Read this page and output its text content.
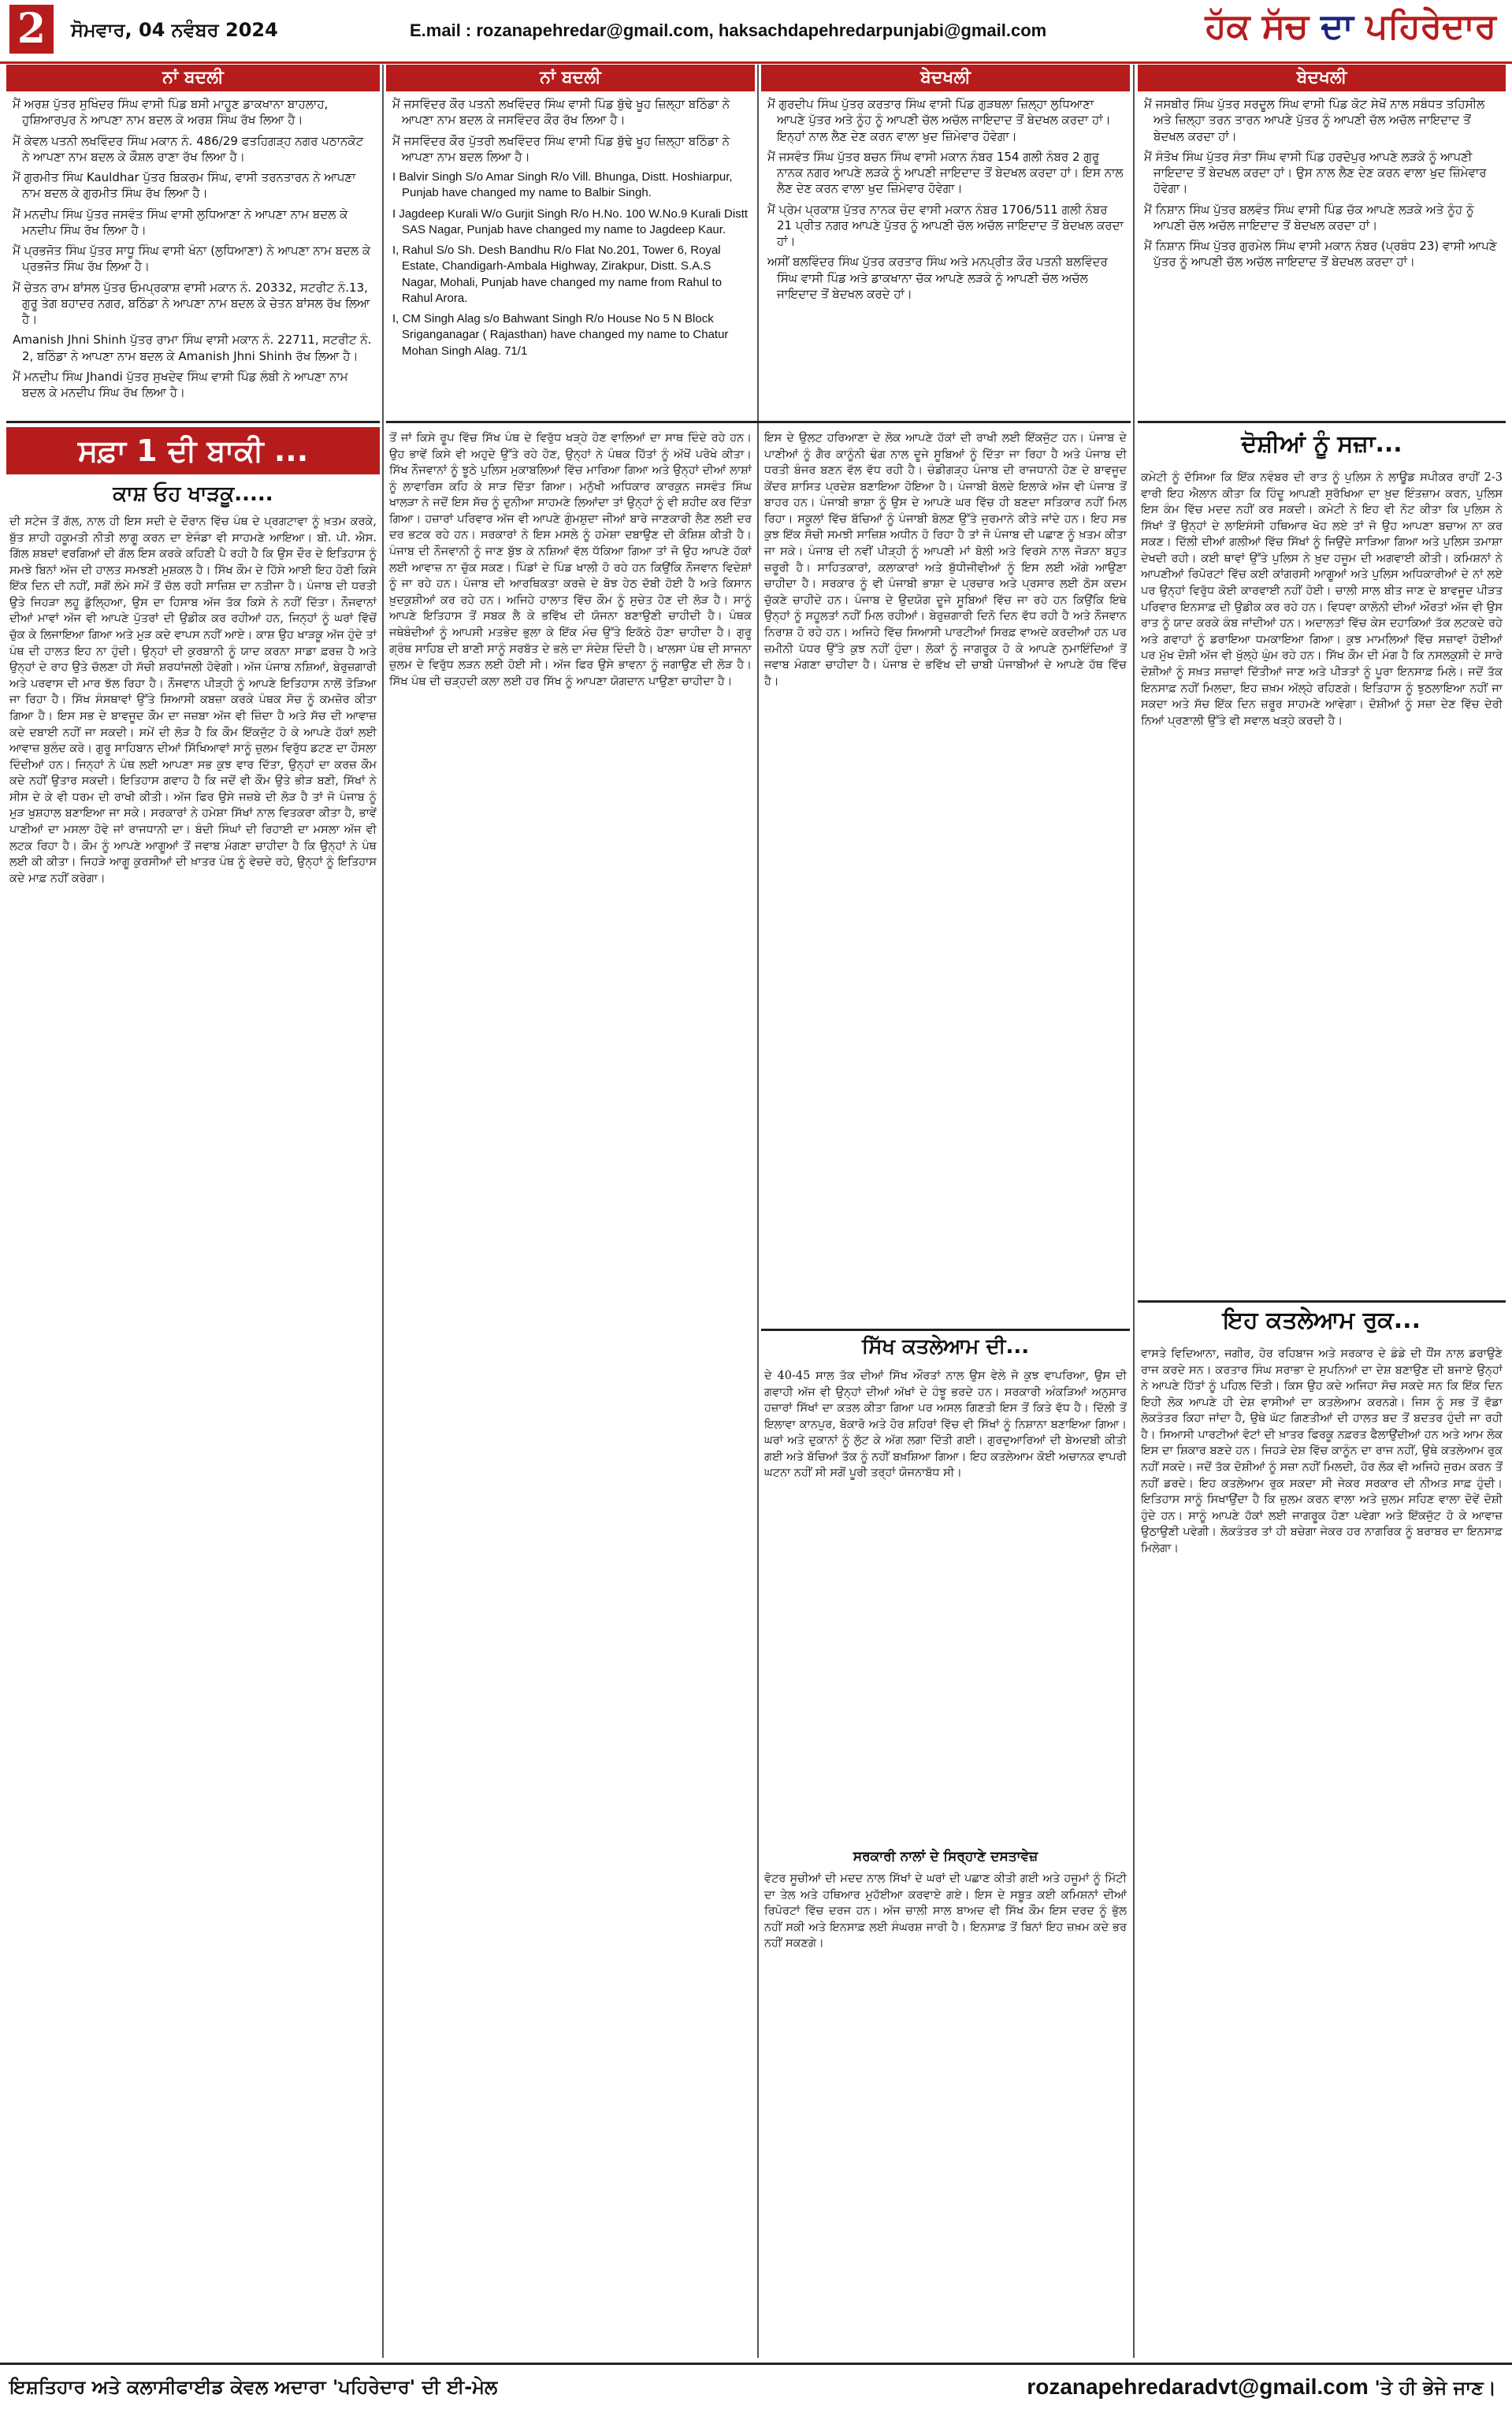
2	ਸੋਮਵਾਰ, 04 ਨਵੰਬਰ 2024	E.mail : rozanapehredar@gmail.com, haksachdapehredarpunjabi@gmail.com	ਹੱਕ ਸੱਚ ਦਾ ਪਹਿਰੇਦਾਰ
ਨਾਂ ਬਦਲੀ

ਮੈਂ ਅਰਸ਼ ਪੁੱਤਰ ਸੁਖਿੰਦਰ ਸਿੰਘ ਵਾਸੀ ਪਿੰਡ ਬਸੀ ਮਾਹੂਣ ਡਾਕਖਾਨਾ ਬਾਹਲਾਹ, ਹੁਸ਼ਿਆਰਪੁਰ ਨੇ ਆਪਣਾ ਨਾਮ ਬਦਲ ਕੇ ਅਰਸ਼ ਸਿੰਘ ਰੱਖ ਲਿਆ ਹੈ।

ਮੈਂ ਕੇਵਲ ਪਤਨੀ ਲਖਵਿੰਦਰ ਸਿੰਘ ਮਕਾਨ ਨੰ. 486/29 ਫਤਹਿਗੜ੍ਹ ਨਗਰ ਪਠਾਨਕੋਟ ਨੇ ਆਪਣਾ ਨਾਮ ਬਦਲ ਕੇ ਕੌਸ਼ਲ ਰਾਣਾ ਰੱਖ ਲਿਆ ਹੈ।

ਮੈਂ ਗੁਰਮੀਤ ਸਿੰਘ Kauldhar ਪੁੱਤਰ ਬਿਕਰਮ ਸਿੰਘ, ਵਾਸੀ ਤਰਨਤਾਰਨ ਨੇ ਆਪਣਾ ਨਾਮ ਬਦਲ ਕੇ ਗੁਰਮੀਤ ਸਿੰਘ ਰੱਖ ਲਿਆ ਹੈ।

ਮੈਂ ਮਨਦੀਪ ਸਿੰਘ ਪੁੱਤਰ ਜਸਵੰਤ ਸਿੰਘ ਵਾਸੀ ਲੁਧਿਆਣਾ ਨੇ ਆਪਣਾ ਨਾਮ ਬਦਲ ਕੇ ਮਨਦੀਪ ਸਿੰਘ ਰੱਖ ਲਿਆ ਹੈ।

ਮੈਂ ਪ੍ਰਭਜੋਤ ਸਿੰਘ ਪੁੱਤਰ ਸਾਧੂ ਸਿੰਘ ਵਾਸੀ ਖੰਨਾ (ਲੁਧਿਆਣਾ) ਨੇ ਆਪਣਾ ਨਾਮ ਬਦਲ ਕੇ ਪ੍ਰਭਜੋਤ ਸਿੰਘ ਰੱਖ ਲਿਆ ਹੈ।

ਮੈਂ ਚੇਤਨ ਰਾਮ ਬਾਂਸਲ ਪੁੱਤਰ ਓਮਪ੍ਰਕਾਸ਼ ਵਾਸੀ ਮਕਾਨ ਨੰ. 20332, ਸਟਰੀਟ ਨੰ.13, ਗੁਰੂ ਤੇਗ ਬਹਾਦਰ ਨਗਰ, ਬਠਿੰਡਾ ਨੇ ਆਪਣਾ ਨਾਮ ਬਦਲ ਕੇ ਚੇਤਨ ਬਾਂਸਲ ਰੱਖ ਲਿਆ ਹੈ।

Amanish Jhni Shinh ਪੁੱਤਰ ਰਾਮਾ ਸਿੰਘ ਵਾਸੀ ਮਕਾਨ ਨੰ. 22711, ਸਟਰੀਟ ਨੰ. 2, ਬਠਿੰਡਾ ਨੇ ਆਪਣਾ ਨਾਮ ਬਦਲ ਕੇ Amanish Jhni Shinh ਰੱਖ ਲਿਆ ਹੈ।

ਮੈਂ ਮਨਦੀਪ ਸਿੰਘ Jhandi ਪੁੱਤਰ ਸੁਖਦੇਵ ਸਿੰਘ ਵਾਸੀ ਪਿੰਡ ਲੰਬੀ ਨੇ ਆਪਣਾ ਨਾਮ ਬਦਲ ਕੇ ਮਨਦੀਪ ਸਿੰਘ ਰੱਖ ਲਿਆ ਹੈ।

ਨਾਂ ਬਦਲੀ

ਮੈਂ ਜਸਵਿੰਦਰ ਕੌਰ ਪਤਨੀ ਲਖਵਿੰਦਰ ਸਿੰਘ ਵਾਸੀ ਪਿੰਡ ਬੁੱਢੇ ਖੂਹ ਜ਼ਿਲ੍ਹਾ ਬਠਿੰਡਾ ਨੇ ਆਪਣਾ ਨਾਮ ਬਦਲ ਕੇ ਜਸਵਿੰਦਰ ਕੌਰ ਰੱਖ ਲਿਆ ਹੈ।

ਮੈਂ ਜਸਵਿੰਦਰ ਕੌਰ ਪੁੱਤਰੀ ਲਖਵਿੰਦਰ ਸਿੰਘ ਵਾਸੀ ਪਿੰਡ ਬੁੱਢੇ ਖੂਹ ਜ਼ਿਲ੍ਹਾ ਬਠਿੰਡਾ ਨੇ ਆਪਣਾ ਨਾਮ ਬਦਲ ਲਿਆ ਹੈ।

I Balvir Singh S/o Amar Singh R/o Vill. Bhunga, Distt. Hoshiarpur, Punjab have changed my name to Balbir Singh.

I Jagdeep Kurali W/o Gurjit Singh R/o H.No. 100 W.No.9 Kurali Distt SAS Nagar, Punjab have changed my name to Jagdeep Kaur.

I, Rahul S/o Sh. Desh Bandhu R/o Flat No.201, Tower 6, Royal Estate, Chandigarh-Ambala Highway, Zirakpur, Distt. S.A.S Nagar, Mohali, Punjab have changed my name from Rahul to Rahul Arora.

I, CM Singh Alag s/o Bahwant Singh R/o House No 5 N Block Sriganganagar ( Rajasthan) have changed my name to Chatur Mohan Singh Alag. 71/1

ਬੇਦਖਲੀ

ਮੈਂ ਗੁਰਦੀਪ ਸਿੰਘ ਪੁੱਤਰ ਕਰਤਾਰ ਸਿੰਘ ਵਾਸੀ ਪਿੰਡ ਗੁੜਥਲਾ ਜ਼ਿਲ੍ਹਾ ਲੁਧਿਆਣਾ ਆਪਣੇ ਪੁੱਤਰ ਅਤੇ ਨੂੰਹ ਨੂੰ ਆਪਣੀ ਚੱਲ ਅਚੱਲ ਜਾਇਦਾਦ ਤੋਂ ਬੇਦਖਲ ਕਰਦਾ ਹਾਂ। ਇਨ੍ਹਾਂ ਨਾਲ ਲੈਣ ਦੇਣ ਕਰਨ ਵਾਲਾ ਖੁਦ ਜ਼ਿੰਮੇਵਾਰ ਹੋਵੇਗਾ।

ਮੈਂ ਜਸਵੰਤ ਸਿੰਘ ਪੁੱਤਰ ਬਚਨ ਸਿੰਘ ਵਾਸੀ ਮਕਾਨ ਨੰਬਰ 154 ਗਲੀ ਨੰਬਰ 2 ਗੁਰੂ ਨਾਨਕ ਨਗਰ ਆਪਣੇ ਲੜਕੇ ਨੂੰ ਆਪਣੀ ਜਾਇਦਾਦ ਤੋਂ ਬੇਦਖਲ ਕਰਦਾ ਹਾਂ। ਇਸ ਨਾਲ ਲੈਣ ਦੇਣ ਕਰਨ ਵਾਲਾ ਖੁਦ ਜ਼ਿੰਮੇਵਾਰ ਹੋਵੇਗਾ।

ਮੈਂ ਪ੍ਰੇਮ ਪ੍ਰਕਾਸ਼ ਪੁੱਤਰ ਨਾਨਕ ਚੰਦ ਵਾਸੀ ਮਕਾਨ ਨੰਬਰ 1706/511 ਗਲੀ ਨੰਬਰ 21 ਪ੍ਰੀਤ ਨਗਰ ਆਪਣੇ ਪੁੱਤਰ ਨੂੰ ਆਪਣੀ ਚੱਲ ਅਚੱਲ ਜਾਇਦਾਦ ਤੋਂ ਬੇਦਖਲ ਕਰਦਾ ਹਾਂ।

ਅਸੀਂ ਬਲਵਿੰਦਰ ਸਿੰਘ ਪੁੱਤਰ ਕਰਤਾਰ ਸਿੰਘ ਅਤੇ ਮਨਪ੍ਰੀਤ ਕੌਰ ਪਤਨੀ ਬਲਵਿੰਦਰ ਸਿੰਘ ਵਾਸੀ ਪਿੰਡ ਅਤੇ ਡਾਕਖਾਨਾ ਚੱਕ ਆਪਣੇ ਲੜਕੇ ਨੂੰ ਆਪਣੀ ਚੱਲ ਅਚੱਲ ਜਾਇਦਾਦ ਤੋਂ ਬੇਦਖਲ ਕਰਦੇ ਹਾਂ।

ਬੇਦਖਲੀ

ਮੈਂ ਜਸਬੀਰ ਸਿੰਘ ਪੁੱਤਰ ਸਰਦੂਲ ਸਿੰਘ ਵਾਸੀ ਪਿੰਡ ਕੋਟ ਸੇਖੋਂ ਨਾਲ ਸਬੰਧਤ ਤਹਿਸੀਲ ਅਤੇ ਜ਼ਿਲ੍ਹਾ ਤਰਨ ਤਾਰਨ ਆਪਣੇ ਪੁੱਤਰ ਨੂੰ ਆਪਣੀ ਚੱਲ ਅਚੱਲ ਜਾਇਦਾਦ ਤੋਂ ਬੇਦਖਲ ਕਰਦਾ ਹਾਂ।

ਮੈਂ ਸੰਤੋਖ ਸਿੰਘ ਪੁੱਤਰ ਸੰਤਾ ਸਿੰਘ ਵਾਸੀ ਪਿੰਡ ਹਰਦੋਪੁਰ ਆਪਣੇ ਲੜਕੇ ਨੂੰ ਆਪਣੀ ਜਾਇਦਾਦ ਤੋਂ ਬੇਦਖਲ ਕਰਦਾ ਹਾਂ। ਉਸ ਨਾਲ ਲੈਣ ਦੇਣ ਕਰਨ ਵਾਲਾ ਖੁਦ ਜ਼ਿੰਮੇਵਾਰ ਹੋਵੇਗਾ।

ਮੈਂ ਨਿਸ਼ਾਨ ਸਿੰਘ ਪੁੱਤਰ ਬਲਵੰਤ ਸਿੰਘ ਵਾਸੀ ਪਿੰਡ ਚੱਕ ਆਪਣੇ ਲੜਕੇ ਅਤੇ ਨੂੰਹ ਨੂੰ ਆਪਣੀ ਚੱਲ ਅਚੱਲ ਜਾਇਦਾਦ ਤੋਂ ਬੇਦਖਲ ਕਰਦਾ ਹਾਂ।

ਮੈਂ ਨਿਸ਼ਾਨ ਸਿੰਘ ਪੁੱਤਰ ਗੁਰਮੇਲ ਸਿੰਘ ਵਾਸੀ ਮਕਾਨ ਨੰਬਰ (ਪ੍ਰਬੰਧ 23) ਵਾਸੀ ਆਪਣੇ ਪੁੱਤਰ ਨੂੰ ਆਪਣੀ ਚੱਲ ਅਚੱਲ ਜਾਇਦਾਦ ਤੋਂ ਬੇਦਖਲ ਕਰਦਾ ਹਾਂ।

ਸਫ਼ਾ 1 ਦੀ ਬਾਕੀ ...
ਕਾਸ਼ ਓਹ ਖਾੜਕੂ.....
ਦੀ ਸਟੇਜ ਤੋਂ ਗੱਲ, ਨਾਲ ਹੀ ਇਸ ਸਦੀ ਦੇ ਦੌਰਾਨ ਵਿੱਚ ਪੰਥ ਦੇ ਪ੍ਰਗਟਾਵਾ ਨੂੰ ਖ਼ਤਮ ਕਰਕੇ, ਬੁੱਤ ਸ਼ਾਹੀ ਹਕੂਮਤੀ ਨੀਤੀ ਲਾਗੂ ਕਰਨ ਦਾ ਏਜੰਡਾ ਵੀ ਸਾਹਮਣੇ ਆਇਆ। ਬੀ. ਪੀ. ਐਸ. ਗਿੱਲ ਸ਼ਬਦਾਂ ਵਰਗਿਆਂ ਦੀ ਗੱਲ ਇਸ ਕਰਕੇ ਕਹਿਣੀ ਪੈ ਰਹੀ ਹੈ ਕਿ ਉਸ ਦੌਰ ਦੇ ਇਤਿਹਾਸ ਨੂੰ ਸਮਝੇ ਬਿਨਾਂ ਅੱਜ ਦੀ ਹਾਲਤ ਸਮਝਣੀ ਮੁਸ਼ਕਲ ਹੈ। ਸਿੱਖ ਕੌਮ ਦੇ ਹਿੱਸੇ ਆਈ ਇਹ ਹੋਣੀ ਕਿਸੇ ਇੱਕ ਦਿਨ ਦੀ ਨਹੀਂ, ਸਗੋਂ ਲੰਮੇ ਸਮੇਂ ਤੋਂ ਚੱਲ ਰਹੀ ਸਾਜ਼ਿਸ਼ ਦਾ ਨਤੀਜਾ ਹੈ। ਪੰਜਾਬ ਦੀ ਧਰਤੀ ਉਤੇ ਜਿਹੜਾ ਲਹੂ ਡੁੱਲ੍ਹਿਆ, ਉਸ ਦਾ ਹਿਸਾਬ ਅੱਜ ਤੱਕ ਕਿਸੇ ਨੇ ਨਹੀਂ ਦਿੱਤਾ। ਨੌਜਵਾਨਾਂ ਦੀਆਂ ਮਾਵਾਂ ਅੱਜ ਵੀ ਆਪਣੇ ਪੁੱਤਰਾਂ ਦੀ ਉਡੀਕ ਕਰ ਰਹੀਆਂ ਹਨ, ਜਿਨ੍ਹਾਂ ਨੂੰ ਘਰਾਂ ਵਿੱਚੋਂ ਚੁੱਕ ਕੇ ਲਿਜਾਇਆ ਗਿਆ ਅਤੇ ਮੁੜ ਕਦੇ ਵਾਪਸ ਨਹੀਂ ਆਏ। ਕਾਸ਼ ਉਹ ਖਾੜਕੂ ਅੱਜ ਹੁੰਦੇ ਤਾਂ ਪੰਥ ਦੀ ਹਾਲਤ ਇਹ ਨਾ ਹੁੰਦੀ। ਉਨ੍ਹਾਂ ਦੀ ਕੁਰਬਾਨੀ ਨੂੰ ਯਾਦ ਕਰਨਾ ਸਾਡਾ ਫ਼ਰਜ਼ ਹੈ ਅਤੇ ਉਨ੍ਹਾਂ ਦੇ ਰਾਹ ਉਤੇ ਚੱਲਣਾ ਹੀ ਸੱਚੀ ਸ਼ਰਧਾਂਜਲੀ ਹੋਵੇਗੀ। ਅੱਜ ਪੰਜਾਬ ਨਸ਼ਿਆਂ, ਬੇਰੁਜ਼ਗਾਰੀ ਅਤੇ ਪਰਵਾਸ ਦੀ ਮਾਰ ਝੱਲ ਰਿਹਾ ਹੈ। ਨੌਜਵਾਨ ਪੀੜ੍ਹੀ ਨੂੰ ਆਪਣੇ ਇਤਿਹਾਸ ਨਾਲੋਂ ਤੋੜਿਆ ਜਾ ਰਿਹਾ ਹੈ। ਸਿੱਖ ਸੰਸਥਾਵਾਂ ਉੱਤੇ ਸਿਆਸੀ ਕਬਜ਼ਾ ਕਰਕੇ ਪੰਥਕ ਸੋਚ ਨੂੰ ਕਮਜ਼ੋਰ ਕੀਤਾ ਗਿਆ ਹੈ। ਇਸ ਸਭ ਦੇ ਬਾਵਜੂਦ ਕੌਮ ਦਾ ਜਜ਼ਬਾ ਅੱਜ ਵੀ ਜ਼ਿੰਦਾ ਹੈ ਅਤੇ ਸੱਚ ਦੀ ਆਵਾਜ਼ ਕਦੇ ਦਬਾਈ ਨਹੀਂ ਜਾ ਸਕਦੀ। ਸਮੇਂ ਦੀ ਲੋੜ ਹੈ ਕਿ ਕੌਮ ਇੱਕਜੁੱਟ ਹੋ ਕੇ ਆਪਣੇ ਹੱਕਾਂ ਲਈ ਆਵਾਜ਼ ਬੁਲੰਦ ਕਰੇ। ਗੁਰੂ ਸਾਹਿਬਾਨ ਦੀਆਂ ਸਿੱਖਿਆਵਾਂ ਸਾਨੂੰ ਜ਼ੁਲਮ ਵਿਰੁੱਧ ਡਟਣ ਦਾ ਹੌਸਲਾ ਦਿੰਦੀਆਂ ਹਨ। ਜਿਨ੍ਹਾਂ ਨੇ ਪੰਥ ਲਈ ਆਪਣਾ ਸਭ ਕੁਝ ਵਾਰ ਦਿੱਤਾ, ਉਨ੍ਹਾਂ ਦਾ ਕਰਜ਼ ਕੌਮ ਕਦੇ ਨਹੀਂ ਉਤਾਰ ਸਕਦੀ। ਇਤਿਹਾਸ ਗਵਾਹ ਹੈ ਕਿ ਜਦੋਂ ਵੀ ਕੌਮ ਉਤੇ ਭੀੜ ਬਣੀ, ਸਿੱਖਾਂ ਨੇ ਸੀਸ ਦੇ ਕੇ ਵੀ ਧਰਮ ਦੀ ਰਾਖੀ ਕੀਤੀ। ਅੱਜ ਫਿਰ ਉਸੇ ਜਜ਼ਬੇ ਦੀ ਲੋੜ ਹੈ ਤਾਂ ਜੋ ਪੰਜਾਬ ਨੂੰ ਮੁੜ ਖੁਸ਼ਹਾਲ ਬਣਾਇਆ ਜਾ ਸਕੇ। ਸਰਕਾਰਾਂ ਨੇ ਹਮੇਸ਼ਾ ਸਿੱਖਾਂ ਨਾਲ ਵਿਤਕਰਾ ਕੀਤਾ ਹੈ, ਭਾਵੇਂ ਪਾਣੀਆਂ ਦਾ ਮਸਲਾ ਹੋਵੇ ਜਾਂ ਰਾਜਧਾਨੀ ਦਾ। ਬੰਦੀ ਸਿੰਘਾਂ ਦੀ ਰਿਹਾਈ ਦਾ ਮਸਲਾ ਅੱਜ ਵੀ ਲਟਕ ਰਿਹਾ ਹੈ। ਕੌਮ ਨੂੰ ਆਪਣੇ ਆਗੂਆਂ ਤੋਂ ਜਵਾਬ ਮੰਗਣਾ ਚਾਹੀਦਾ ਹੈ ਕਿ ਉਨ੍ਹਾਂ ਨੇ ਪੰਥ ਲਈ ਕੀ ਕੀਤਾ। ਜਿਹੜੇ ਆਗੂ ਕੁਰਸੀਆਂ ਦੀ ਖ਼ਾਤਰ ਪੰਥ ਨੂੰ ਵੇਚਦੇ ਰਹੇ, ਉਨ੍ਹਾਂ ਨੂੰ ਇਤਿਹਾਸ ਕਦੇ ਮਾਫ਼ ਨਹੀਂ ਕਰੇਗਾ।
ਤੋਂ ਜਾਂ ਕਿਸੇ ਰੂਪ ਵਿੱਚ ਸਿੱਖ ਪੰਥ ਦੇ ਵਿਰੁੱਧ ਖੜ੍ਹੇ ਹੋਣ ਵਾਲਿਆਂ ਦਾ ਸਾਥ ਦਿੰਦੇ ਰਹੇ ਹਨ। ਉਹ ਭਾਵੇਂ ਕਿਸੇ ਵੀ ਅਹੁਦੇ ਉੱਤੇ ਰਹੇ ਹੋਣ, ਉਨ੍ਹਾਂ ਨੇ ਪੰਥਕ ਹਿੱਤਾਂ ਨੂੰ ਅੱਖੋਂ ਪਰੋਖੇ ਕੀਤਾ। ਸਿੱਖ ਨੌਜਵਾਨਾਂ ਨੂੰ ਝੂਠੇ ਪੁਲਿਸ ਮੁਕਾਬਲਿਆਂ ਵਿੱਚ ਮਾਰਿਆ ਗਿਆ ਅਤੇ ਉਨ੍ਹਾਂ ਦੀਆਂ ਲਾਸ਼ਾਂ ਨੂੰ ਲਾਵਾਰਿਸ ਕਹਿ ਕੇ ਸਾੜ ਦਿੱਤਾ ਗਿਆ। ਮਨੁੱਖੀ ਅਧਿਕਾਰ ਕਾਰਕੁਨ ਜਸਵੰਤ ਸਿੰਘ ਖਾਲੜਾ ਨੇ ਜਦੋਂ ਇਸ ਸੱਚ ਨੂੰ ਦੁਨੀਆ ਸਾਹਮਣੇ ਲਿਆਂਦਾ ਤਾਂ ਉਨ੍ਹਾਂ ਨੂੰ ਵੀ ਸ਼ਹੀਦ ਕਰ ਦਿੱਤਾ ਗਿਆ। ਹਜ਼ਾਰਾਂ ਪਰਿਵਾਰ ਅੱਜ ਵੀ ਆਪਣੇ ਗੁੰਮਸ਼ੁਦਾ ਜੀਆਂ ਬਾਰੇ ਜਾਣਕਾਰੀ ਲੈਣ ਲਈ ਦਰ ਦਰ ਭਟਕ ਰਹੇ ਹਨ। ਸਰਕਾਰਾਂ ਨੇ ਇਸ ਮਸਲੇ ਨੂੰ ਹਮੇਸ਼ਾ ਦਬਾਉਣ ਦੀ ਕੋਸ਼ਿਸ਼ ਕੀਤੀ ਹੈ। ਪੰਜਾਬ ਦੀ ਨੌਜਵਾਨੀ ਨੂੰ ਜਾਣ ਬੁੱਝ ਕੇ ਨਸ਼ਿਆਂ ਵੱਲ ਧੱਕਿਆ ਗਿਆ ਤਾਂ ਜੋ ਉਹ ਆਪਣੇ ਹੱਕਾਂ ਲਈ ਆਵਾਜ਼ ਨਾ ਚੁੱਕ ਸਕਣ। ਪਿੰਡਾਂ ਦੇ ਪਿੰਡ ਖਾਲੀ ਹੋ ਰਹੇ ਹਨ ਕਿਉਂਕਿ ਨੌਜਵਾਨ ਵਿਦੇਸ਼ਾਂ ਨੂੰ ਜਾ ਰਹੇ ਹਨ। ਪੰਜਾਬ ਦੀ ਆਰਥਿਕਤਾ ਕਰਜ਼ੇ ਦੇ ਬੋਝ ਹੇਠ ਦੱਬੀ ਹੋਈ ਹੈ ਅਤੇ ਕਿਸਾਨ ਖ਼ੁਦਕੁਸ਼ੀਆਂ ਕਰ ਰਹੇ ਹਨ। ਅਜਿਹੇ ਹਾਲਾਤ ਵਿੱਚ ਕੌਮ ਨੂੰ ਸੁਚੇਤ ਹੋਣ ਦੀ ਲੋੜ ਹੈ। ਸਾਨੂੰ ਆਪਣੇ ਇਤਿਹਾਸ ਤੋਂ ਸਬਕ ਲੈ ਕੇ ਭਵਿੱਖ ਦੀ ਯੋਜਨਾ ਬਣਾਉਣੀ ਚਾਹੀਦੀ ਹੈ। ਪੰਥਕ ਜਥੇਬੰਦੀਆਂ ਨੂੰ ਆਪਸੀ ਮਤਭੇਦ ਭੁਲਾ ਕੇ ਇੱਕ ਮੰਚ ਉੱਤੇ ਇਕੱਠੇ ਹੋਣਾ ਚਾਹੀਦਾ ਹੈ। ਗੁਰੂ ਗ੍ਰੰਥ ਸਾਹਿਬ ਦੀ ਬਾਣੀ ਸਾਨੂੰ ਸਰਬੱਤ ਦੇ ਭਲੇ ਦਾ ਸੰਦੇਸ਼ ਦਿੰਦੀ ਹੈ। ਖਾਲਸਾ ਪੰਥ ਦੀ ਸਾਜਨਾ ਜ਼ੁਲਮ ਦੇ ਵਿਰੁੱਧ ਲੜਨ ਲਈ ਹੋਈ ਸੀ। ਅੱਜ ਫਿਰ ਉਸੇ ਭਾਵਨਾ ਨੂੰ ਜਗਾਉਣ ਦੀ ਲੋੜ ਹੈ। ਸਿੱਖ ਪੰਥ ਦੀ ਚੜ੍ਹਦੀ ਕਲਾ ਲਈ ਹਰ ਸਿੱਖ ਨੂੰ ਆਪਣਾ ਯੋਗਦਾਨ ਪਾਉਣਾ ਚਾਹੀਦਾ ਹੈ।
ਇਸ ਦੇ ਉਲਟ ਹਰਿਆਣਾ ਦੇ ਲੋਕ ਆਪਣੇ ਹੱਕਾਂ ਦੀ ਰਾਖੀ ਲਈ ਇੱਕਜੁੱਟ ਹਨ। ਪੰਜਾਬ ਦੇ ਪਾਣੀਆਂ ਨੂੰ ਗੈਰ ਕਾਨੂੰਨੀ ਢੰਗ ਨਾਲ ਦੂਜੇ ਸੂਬਿਆਂ ਨੂੰ ਦਿੱਤਾ ਜਾ ਰਿਹਾ ਹੈ ਅਤੇ ਪੰਜਾਬ ਦੀ ਧਰਤੀ ਬੰਜਰ ਬਣਨ ਵੱਲ ਵੱਧ ਰਹੀ ਹੈ। ਚੰਡੀਗੜ੍ਹ ਪੰਜਾਬ ਦੀ ਰਾਜਧਾਨੀ ਹੋਣ ਦੇ ਬਾਵਜੂਦ ਕੇਂਦਰ ਸ਼ਾਸਿਤ ਪ੍ਰਦੇਸ਼ ਬਣਾਇਆ ਹੋਇਆ ਹੈ। ਪੰਜਾਬੀ ਬੋਲਦੇ ਇਲਾਕੇ ਅੱਜ ਵੀ ਪੰਜਾਬ ਤੋਂ ਬਾਹਰ ਹਨ। ਪੰਜਾਬੀ ਭਾਸ਼ਾ ਨੂੰ ਉਸ ਦੇ ਆਪਣੇ ਘਰ ਵਿੱਚ ਹੀ ਬਣਦਾ ਸਤਿਕਾਰ ਨਹੀਂ ਮਿਲ ਰਿਹਾ। ਸਕੂਲਾਂ ਵਿੱਚ ਬੱਚਿਆਂ ਨੂੰ ਪੰਜਾਬੀ ਬੋਲਣ ਉੱਤੇ ਜੁਰਮਾਨੇ ਕੀਤੇ ਜਾਂਦੇ ਹਨ। ਇਹ ਸਭ ਕੁਝ ਇੱਕ ਸੋਚੀ ਸਮਝੀ ਸਾਜ਼ਿਸ਼ ਅਧੀਨ ਹੋ ਰਿਹਾ ਹੈ ਤਾਂ ਜੋ ਪੰਜਾਬ ਦੀ ਪਛਾਣ ਨੂੰ ਖ਼ਤਮ ਕੀਤਾ ਜਾ ਸਕੇ। ਪੰਜਾਬ ਦੀ ਨਵੀਂ ਪੀੜ੍ਹੀ ਨੂੰ ਆਪਣੀ ਮਾਂ ਬੋਲੀ ਅਤੇ ਵਿਰਸੇ ਨਾਲ ਜੋੜਨਾ ਬਹੁਤ ਜ਼ਰੂਰੀ ਹੈ। ਸਾਹਿਤਕਾਰਾਂ, ਕਲਾਕਾਰਾਂ ਅਤੇ ਬੁੱਧੀਜੀਵੀਆਂ ਨੂੰ ਇਸ ਲਈ ਅੱਗੇ ਆਉਣਾ ਚਾਹੀਦਾ ਹੈ। ਸਰਕਾਰ ਨੂੰ ਵੀ ਪੰਜਾਬੀ ਭਾਸ਼ਾ ਦੇ ਪ੍ਰਚਾਰ ਅਤੇ ਪ੍ਰਸਾਰ ਲਈ ਠੋਸ ਕਦਮ ਚੁੱਕਣੇ ਚਾਹੀਦੇ ਹਨ। ਪੰਜਾਬ ਦੇ ਉਦਯੋਗ ਦੂਜੇ ਸੂਬਿਆਂ ਵਿੱਚ ਜਾ ਰਹੇ ਹਨ ਕਿਉਂਕਿ ਇਥੇ ਉਨ੍ਹਾਂ ਨੂੰ ਸਹੂਲਤਾਂ ਨਹੀਂ ਮਿਲ ਰਹੀਆਂ। ਬੇਰੁਜ਼ਗਾਰੀ ਦਿਨੋ ਦਿਨ ਵੱਧ ਰਹੀ ਹੈ ਅਤੇ ਨੌਜਵਾਨ ਨਿਰਾਸ਼ ਹੋ ਰਹੇ ਹਨ। ਅਜਿਹੇ ਵਿੱਚ ਸਿਆਸੀ ਪਾਰਟੀਆਂ ਸਿਰਫ਼ ਵਾਅਦੇ ਕਰਦੀਆਂ ਹਨ ਪਰ ਜ਼ਮੀਨੀ ਪੱਧਰ ਉੱਤੇ ਕੁਝ ਨਹੀਂ ਹੁੰਦਾ। ਲੋਕਾਂ ਨੂੰ ਜਾਗਰੂਕ ਹੋ ਕੇ ਆਪਣੇ ਨੁਮਾਇੰਦਿਆਂ ਤੋਂ ਜਵਾਬ ਮੰਗਣਾ ਚਾਹੀਦਾ ਹੈ। ਪੰਜਾਬ ਦੇ ਭਵਿੱਖ ਦੀ ਚਾਬੀ ਪੰਜਾਬੀਆਂ ਦੇ ਆਪਣੇ ਹੱਥ ਵਿੱਚ ਹੈ।
ਸਿੱਖ ਕਤਲੇਆਮ ਦੀ...
ਦੇ 40-45 ਸਾਲ ਤੱਕ ਦੀਆਂ ਸਿੱਖ ਔਰਤਾਂ ਨਾਲ ਉਸ ਵੇਲੇ ਜੋ ਕੁਝ ਵਾਪਰਿਆ, ਉਸ ਦੀ ਗਵਾਹੀ ਅੱਜ ਵੀ ਉਨ੍ਹਾਂ ਦੀਆਂ ਅੱਖਾਂ ਦੇ ਹੰਝੂ ਭਰਦੇ ਹਨ। ਸਰਕਾਰੀ ਅੰਕੜਿਆਂ ਅਨੁਸਾਰ ਹਜ਼ਾਰਾਂ ਸਿੱਖਾਂ ਦਾ ਕਤਲ ਕੀਤਾ ਗਿਆ ਪਰ ਅਸਲ ਗਿਣਤੀ ਇਸ ਤੋਂ ਕਿਤੇ ਵੱਧ ਹੈ। ਦਿੱਲੀ ਤੋਂ ਇਲਾਵਾ ਕਾਨਪੁਰ, ਬੋਕਾਰੋ ਅਤੇ ਹੋਰ ਸ਼ਹਿਰਾਂ ਵਿੱਚ ਵੀ ਸਿੱਖਾਂ ਨੂੰ ਨਿਸ਼ਾਨਾ ਬਣਾਇਆ ਗਿਆ। ਘਰਾਂ ਅਤੇ ਦੁਕਾਨਾਂ ਨੂੰ ਲੁੱਟ ਕੇ ਅੱਗ ਲਗਾ ਦਿੱਤੀ ਗਈ। ਗੁਰਦੁਆਰਿਆਂ ਦੀ ਬੇਅਦਬੀ ਕੀਤੀ ਗਈ ਅਤੇ ਬੱਚਿਆਂ ਤੱਕ ਨੂੰ ਨਹੀਂ ਬਖ਼ਸ਼ਿਆ ਗਿਆ। ਇਹ ਕਤਲੇਆਮ ਕੋਈ ਅਚਾਨਕ ਵਾਪਰੀ ਘਟਨਾ ਨਹੀਂ ਸੀ ਸਗੋਂ ਪੂਰੀ ਤਰ੍ਹਾਂ ਯੋਜਨਾਬੱਧ ਸੀ।
ਸਰਕਾਰੀ ਨਾਲਾਂ ਦੇ ਸਿਰ੍ਹਾਣੇ ਦਸਤਾਵੇਜ਼
ਵੋਟਰ ਸੂਚੀਆਂ ਦੀ ਮਦਦ ਨਾਲ ਸਿੱਖਾਂ ਦੇ ਘਰਾਂ ਦੀ ਪਛਾਣ ਕੀਤੀ ਗਈ ਅਤੇ ਹਜੂਮਾਂ ਨੂੰ ਮਿੱਟੀ ਦਾ ਤੇਲ ਅਤੇ ਹਥਿਆਰ ਮੁਹੱਈਆ ਕਰਵਾਏ ਗਏ। ਇਸ ਦੇ ਸਬੂਤ ਕਈ ਕਮਿਸ਼ਨਾਂ ਦੀਆਂ ਰਿਪੋਰਟਾਂ ਵਿੱਚ ਦਰਜ ਹਨ। ਅੱਜ ਚਾਲੀ ਸਾਲ ਬਾਅਦ ਵੀ ਸਿੱਖ ਕੌਮ ਇਸ ਦਰਦ ਨੂੰ ਭੁੱਲ ਨਹੀਂ ਸਕੀ ਅਤੇ ਇਨਸਾਫ਼ ਲਈ ਸੰਘਰਸ਼ ਜਾਰੀ ਹੈ। ਇਨਸਾਫ਼ ਤੋਂ ਬਿਨਾਂ ਇਹ ਜ਼ਖ਼ਮ ਕਦੇ ਭਰ ਨਹੀਂ ਸਕਣਗੇ।
ਦੋਸ਼ੀਆਂ ਨੂੰ ਸਜ਼ਾ...
ਕਮੇਟੀ ਨੂੰ ਦੱਸਿਆ ਕਿ ਇੱਕ ਨਵੰਬਰ ਦੀ ਰਾਤ ਨੂੰ ਪੁਲਿਸ ਨੇ ਲਾਊਡ ਸਪੀਕਰ ਰਾਹੀਂ 2-3 ਵਾਰੀ ਇਹ ਐਲਾਨ ਕੀਤਾ ਕਿ ਹਿੰਦੂ ਆਪਣੀ ਸੁਰੱਖਿਆ ਦਾ ਖ਼ੁਦ ਇੰਤਜ਼ਾਮ ਕਰਨ, ਪੁਲਿਸ ਇਸ ਕੰਮ ਵਿੱਚ ਮਦਦ ਨਹੀਂ ਕਰ ਸਕਦੀ। ਕਮੇਟੀ ਨੇ ਇਹ ਵੀ ਨੋਟ ਕੀਤਾ ਕਿ ਪੁਲਿਸ ਨੇ ਸਿੱਖਾਂ ਤੋਂ ਉਨ੍ਹਾਂ ਦੇ ਲਾਇਸੰਸੀ ਹਥਿਆਰ ਖੋਹ ਲਏ ਤਾਂ ਜੋ ਉਹ ਆਪਣਾ ਬਚਾਅ ਨਾ ਕਰ ਸਕਣ। ਦਿੱਲੀ ਦੀਆਂ ਗਲੀਆਂ ਵਿੱਚ ਸਿੱਖਾਂ ਨੂੰ ਜਿਉਂਦੇ ਸਾੜਿਆ ਗਿਆ ਅਤੇ ਪੁਲਿਸ ਤਮਾਸ਼ਾ ਦੇਖਦੀ ਰਹੀ। ਕਈ ਥਾਵਾਂ ਉੱਤੇ ਪੁਲਿਸ ਨੇ ਖ਼ੁਦ ਹਜੂਮ ਦੀ ਅਗਵਾਈ ਕੀਤੀ। ਕਮਿਸ਼ਨਾਂ ਨੇ ਆਪਣੀਆਂ ਰਿਪੋਰਟਾਂ ਵਿੱਚ ਕਈ ਕਾਂਗਰਸੀ ਆਗੂਆਂ ਅਤੇ ਪੁਲਿਸ ਅਧਿਕਾਰੀਆਂ ਦੇ ਨਾਂ ਲਏ ਪਰ ਉਨ੍ਹਾਂ ਵਿਰੁੱਧ ਕੋਈ ਕਾਰਵਾਈ ਨਹੀਂ ਹੋਈ। ਚਾਲੀ ਸਾਲ ਬੀਤ ਜਾਣ ਦੇ ਬਾਵਜੂਦ ਪੀੜਤ ਪਰਿਵਾਰ ਇਨਸਾਫ਼ ਦੀ ਉਡੀਕ ਕਰ ਰਹੇ ਹਨ। ਵਿਧਵਾ ਕਾਲੋਨੀ ਦੀਆਂ ਔਰਤਾਂ ਅੱਜ ਵੀ ਉਸ ਰਾਤ ਨੂੰ ਯਾਦ ਕਰਕੇ ਕੰਬ ਜਾਂਦੀਆਂ ਹਨ। ਅਦਾਲਤਾਂ ਵਿੱਚ ਕੇਸ ਦਹਾਕਿਆਂ ਤੱਕ ਲਟਕਦੇ ਰਹੇ ਅਤੇ ਗਵਾਹਾਂ ਨੂੰ ਡਰਾਇਆ ਧਮਕਾਇਆ ਗਿਆ। ਕੁਝ ਮਾਮਲਿਆਂ ਵਿੱਚ ਸਜ਼ਾਵਾਂ ਹੋਈਆਂ ਪਰ ਮੁੱਖ ਦੋਸ਼ੀ ਅੱਜ ਵੀ ਖੁੱਲ੍ਹੇ ਘੁੰਮ ਰਹੇ ਹਨ। ਸਿੱਖ ਕੌਮ ਦੀ ਮੰਗ ਹੈ ਕਿ ਨਸਲਕੁਸ਼ੀ ਦੇ ਸਾਰੇ ਦੋਸ਼ੀਆਂ ਨੂੰ ਸਖ਼ਤ ਸਜ਼ਾਵਾਂ ਦਿੱਤੀਆਂ ਜਾਣ ਅਤੇ ਪੀੜਤਾਂ ਨੂੰ ਪੂਰਾ ਇਨਸਾਫ਼ ਮਿਲੇ। ਜਦੋਂ ਤੱਕ ਇਨਸਾਫ਼ ਨਹੀਂ ਮਿਲਦਾ, ਇਹ ਜ਼ਖ਼ਮ ਅੱਲ੍ਹੇ ਰਹਿਣਗੇ। ਇਤਿਹਾਸ ਨੂੰ ਝੁਠਲਾਇਆ ਨਹੀਂ ਜਾ ਸਕਦਾ ਅਤੇ ਸੱਚ ਇੱਕ ਦਿਨ ਜ਼ਰੂਰ ਸਾਹਮਣੇ ਆਵੇਗਾ। ਦੋਸ਼ੀਆਂ ਨੂੰ ਸਜ਼ਾ ਦੇਣ ਵਿੱਚ ਦੇਰੀ ਨਿਆਂ ਪ੍ਰਣਾਲੀ ਉੱਤੇ ਵੀ ਸਵਾਲ ਖੜ੍ਹੇ ਕਰਦੀ ਹੈ।
ਇਹ ਕਤਲੇਆਮ ਰੁਕ...
ਵਾਸਤੇ ਵਿਦਿਆਨਾ, ਜਗੀਰ, ਹੋਰ ਰਹਿਬਾਜ ਅਤੇ ਸਰਕਾਰ ਦੇ ਡੰਡੇ ਦੀ ਧੌਂਸ ਨਾਲ ਡਰਾਉਣੇ ਰਾਜ ਕਰਦੇ ਸਨ। ਕਰਤਾਰ ਸਿੰਘ ਸਰਾਭਾ ਦੇ ਸੁਪਨਿਆਂ ਦਾ ਦੇਸ਼ ਬਣਾਉਣ ਦੀ ਬਜਾਏ ਉਨ੍ਹਾਂ ਨੇ ਆਪਣੇ ਹਿੱਤਾਂ ਨੂੰ ਪਹਿਲ ਦਿੱਤੀ। ਕਿਸ ਉਹ ਕਦੇ ਅਜਿਹਾ ਸੋਚ ਸਕਦੇ ਸਨ ਕਿ ਇੱਕ ਦਿਨ ਇਹੀ ਲੋਕ ਆਪਣੇ ਹੀ ਦੇਸ਼ ਵਾਸੀਆਂ ਦਾ ਕਤਲੇਆਮ ਕਰਨਗੇ। ਜਿਸ ਨੂੰ ਸਭ ਤੋਂ ਵੱਡਾ ਲੋਕਤੰਤਰ ਕਿਹਾ ਜਾਂਦਾ ਹੈ, ਉਥੇ ਘੱਟ ਗਿਣਤੀਆਂ ਦੀ ਹਾਲਤ ਬਦ ਤੋਂ ਬਦਤਰ ਹੁੰਦੀ ਜਾ ਰਹੀ ਹੈ। ਸਿਆਸੀ ਪਾਰਟੀਆਂ ਵੋਟਾਂ ਦੀ ਖ਼ਾਤਰ ਫਿਰਕੂ ਨਫ਼ਰਤ ਫੈਲਾਉਂਦੀਆਂ ਹਨ ਅਤੇ ਆਮ ਲੋਕ ਇਸ ਦਾ ਸ਼ਿਕਾਰ ਬਣਦੇ ਹਨ। ਜਿਹੜੇ ਦੇਸ਼ ਵਿੱਚ ਕਾਨੂੰਨ ਦਾ ਰਾਜ ਨਹੀਂ, ਉਥੇ ਕਤਲੇਆਮ ਰੁਕ ਨਹੀਂ ਸਕਦੇ। ਜਦੋਂ ਤੱਕ ਦੋਸ਼ੀਆਂ ਨੂੰ ਸਜ਼ਾ ਨਹੀਂ ਮਿਲਦੀ, ਹੋਰ ਲੋਕ ਵੀ ਅਜਿਹੇ ਜੁਰਮ ਕਰਨ ਤੋਂ ਨਹੀਂ ਡਰਦੇ। ਇਹ ਕਤਲੇਆਮ ਰੁਕ ਸਕਦਾ ਸੀ ਜੇਕਰ ਸਰਕਾਰ ਦੀ ਨੀਅਤ ਸਾਫ਼ ਹੁੰਦੀ। ਇਤਿਹਾਸ ਸਾਨੂੰ ਸਿਖਾਉਂਦਾ ਹੈ ਕਿ ਜ਼ੁਲਮ ਕਰਨ ਵਾਲਾ ਅਤੇ ਜ਼ੁਲਮ ਸਹਿਣ ਵਾਲਾ ਦੋਵੇਂ ਦੋਸ਼ੀ ਹੁੰਦੇ ਹਨ। ਸਾਨੂੰ ਆਪਣੇ ਹੱਕਾਂ ਲਈ ਜਾਗਰੂਕ ਹੋਣਾ ਪਵੇਗਾ ਅਤੇ ਇੱਕਜੁੱਟ ਹੋ ਕੇ ਆਵਾਜ਼ ਉਠਾਉਣੀ ਪਵੇਗੀ। ਲੋਕਤੰਤਰ ਤਾਂ ਹੀ ਬਚੇਗਾ ਜੇਕਰ ਹਰ ਨਾਗਰਿਕ ਨੂੰ ਬਰਾਬਰ ਦਾ ਇਨਸਾਫ਼ ਮਿਲੇਗਾ।
ਇਸ਼ਤਿਹਾਰ ਅਤੇ ਕਲਾਸੀਫਾਈਡ ਕੇਵਲ ਅਦਾਰਾ 'ਪਹਿਰੇਦਾਰ' ਦੀ ਈ-ਮੇਲ	rozanapehredaradvt@gmail.com 'ਤੇ ਹੀ ਭੇਜੇ ਜਾਣ।
